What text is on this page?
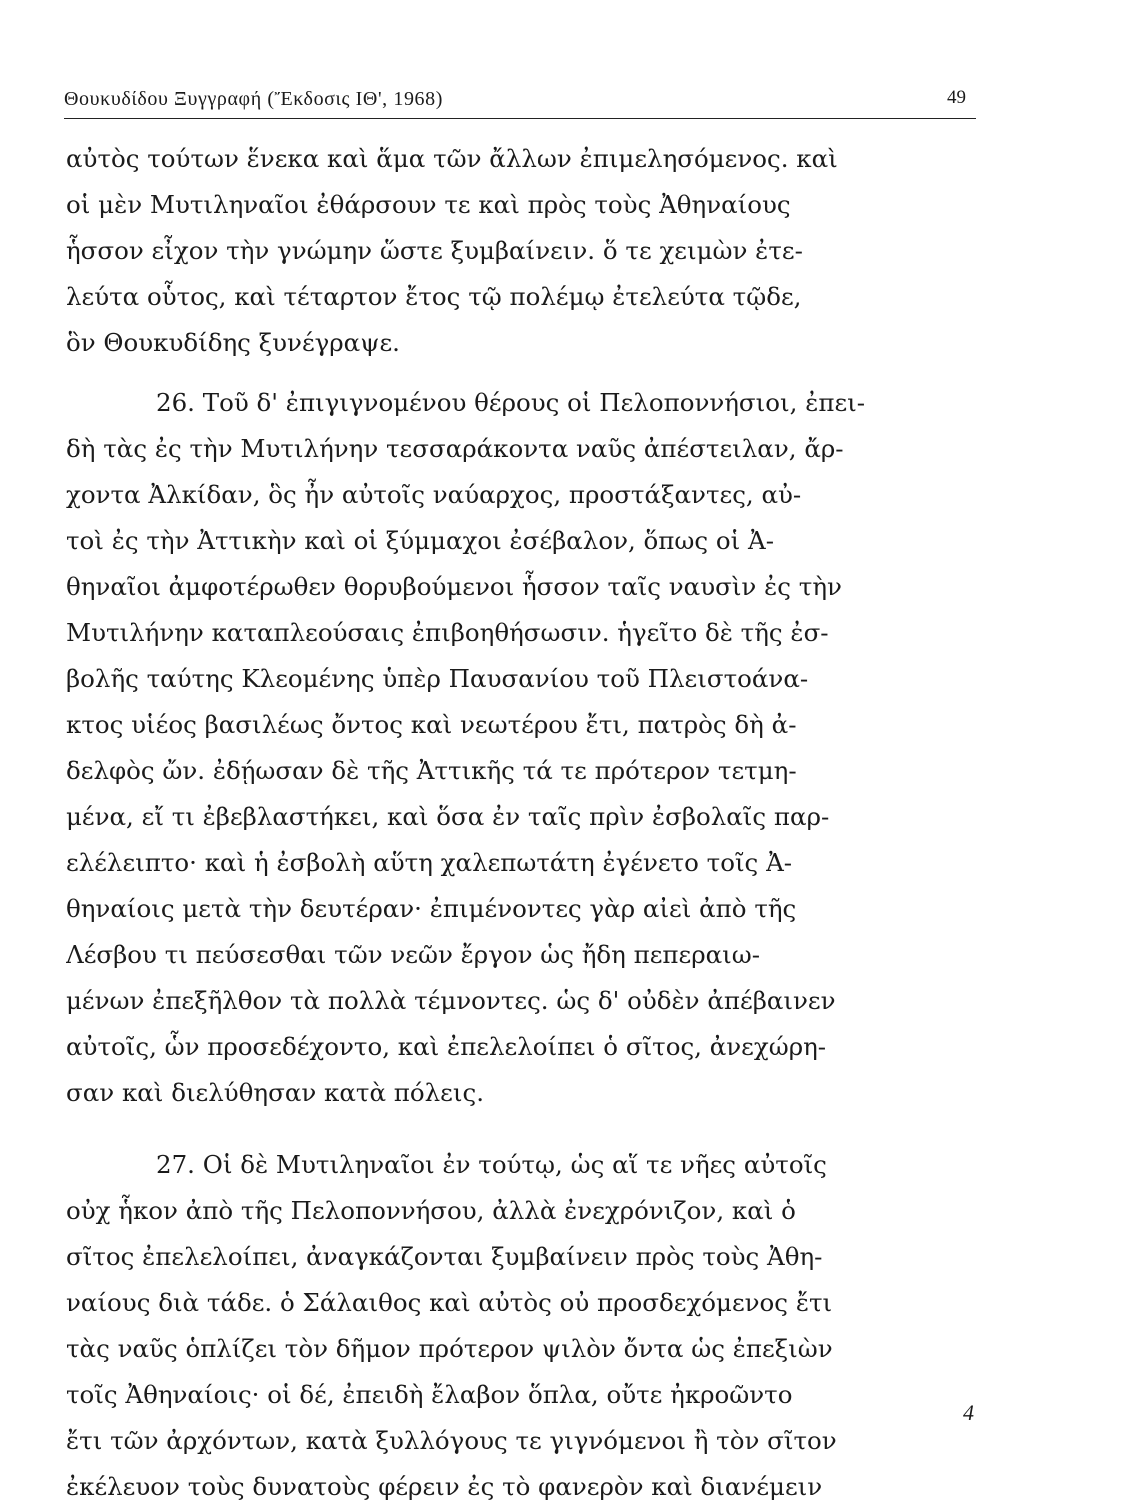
Θουκυδίδου Ξυγγραφή (Ἔκδοσις ΙΘ', 1968)	49
αὐτὸς τούτων ἕνεκα καὶ ἅμα τῶν ἄλλων ἐπιμελησόμενος. καὶ
οἱ μὲν Μυτιληναῖοι ἐθάρσουν τε καὶ πρὸς τοὺς Ἀθηναίους
ἧσσον εἶχον τὴν γνώμην ὥστε ξυμβαίνειν. ὅ τε χειμὼν ἐτε-
λεύτα οὗτος, καὶ τέταρτον ἔτος τῷ πολέμῳ ἐτελεύτα τῷδε,
ὃν Θουκυδίδης ξυνέγραψε.
26. Τοῦ δ' ἐπιγιγνομένου θέρους οἱ Πελοποννήσιοι, ἐπει-
δὴ τὰς ἐς τὴν Μυτιλήνην τεσσαράκοντα ναῦς ἀπέστειλαν, ἄρ-
χοντα Ἀλκίδαν, ὃς ἦν αὐτοῖς ναύαρχος, προστάξαντες, αὐ-
τοὶ ἐς τὴν Ἀττικὴν καὶ οἱ ξύμμαχοι ἐσέβαλον, ὅπως οἱ Ἀ-
θηναῖοι ἀμφοτέρωθεν θορυβούμενοι ἧσσον ταῖς ναυσὶν ἐς τὴν
Μυτιλήνην καταπλεούσαις ἐπιβοηθήσωσιν. ἡγεῖτο δὲ τῆς ἐσ-
βολῆς ταύτης Κλεομένης ὑπὲρ Παυσανίου τοῦ Πλειστοάνα-
κτος υἱέος βασιλέως ὄντος καὶ νεωτέρου ἔτι, πατρὸς δὴ ἀ-
δελφὸς ὤν. ἐδῄωσαν δὲ τῆς Ἀττικῆς τά τε πρότερον τετμη-
μένα, εἴ τι ἐβεβλαστήκει, καὶ ὅσα ἐν ταῖς πρὶν ἐσβολαῖς παρ-
ελέλειπτο· καὶ ἡ ἐσβολὴ αὕτη χαλεπωτάτη ἐγένετο τοῖς Ἀ-
θηναίοις μετὰ τὴν δευτέραν· ἐπιμένοντες γὰρ αἰεὶ ἀπὸ τῆς
Λέσβου τι πεύσεσθαι τῶν νεῶν ἔργον ὡς ἤδη πεπεραιω-
μένων ἐπεξῆλθον τὰ πολλὰ τέμνοντες. ὡς δ' οὐδὲν ἀπέβαινεν
αὐτοῖς, ὧν προσεδέχοντο, καὶ ἐπελελοίπει ὁ σῖτος, ἀνεχώρη-
σαν καὶ διελύθησαν κατὰ πόλεις.
27. Οἱ δὲ Μυτιληναῖοι ἐν τούτῳ, ὡς αἵ τε νῆες αὐτοῖς
οὐχ ἧκον ἀπὸ τῆς Πελοποννήσου, ἀλλὰ ἐνεχρόνιζον, καὶ ὁ
σῖτος ἐπελελοίπει, ἀναγκάζονται ξυμβαίνειν πρὸς τοὺς Ἀθη-
ναίους διὰ τάδε. ὁ Σάλαιθος καὶ αὐτὸς οὐ προσδεχόμενος ἔτι
τὰς ναῦς ὁπλίζει τὸν δῆμον πρότερον ψιλὸν ὄντα ὡς ἐπεξιὼν
τοῖς Ἀθηναίοις· οἱ δέ, ἐπειδὴ ἔλαβον ὅπλα, οὔτε ἠκροῶντο
ἔτι τῶν ἀρχόντων, κατὰ ξυλλόγους τε γιγνόμενοι ἢ τὸν σῖτον
ἐκέλευον τοὺς δυνατοὺς φέρειν ἐς τὸ φανερὸν καὶ διανέμειν
4
